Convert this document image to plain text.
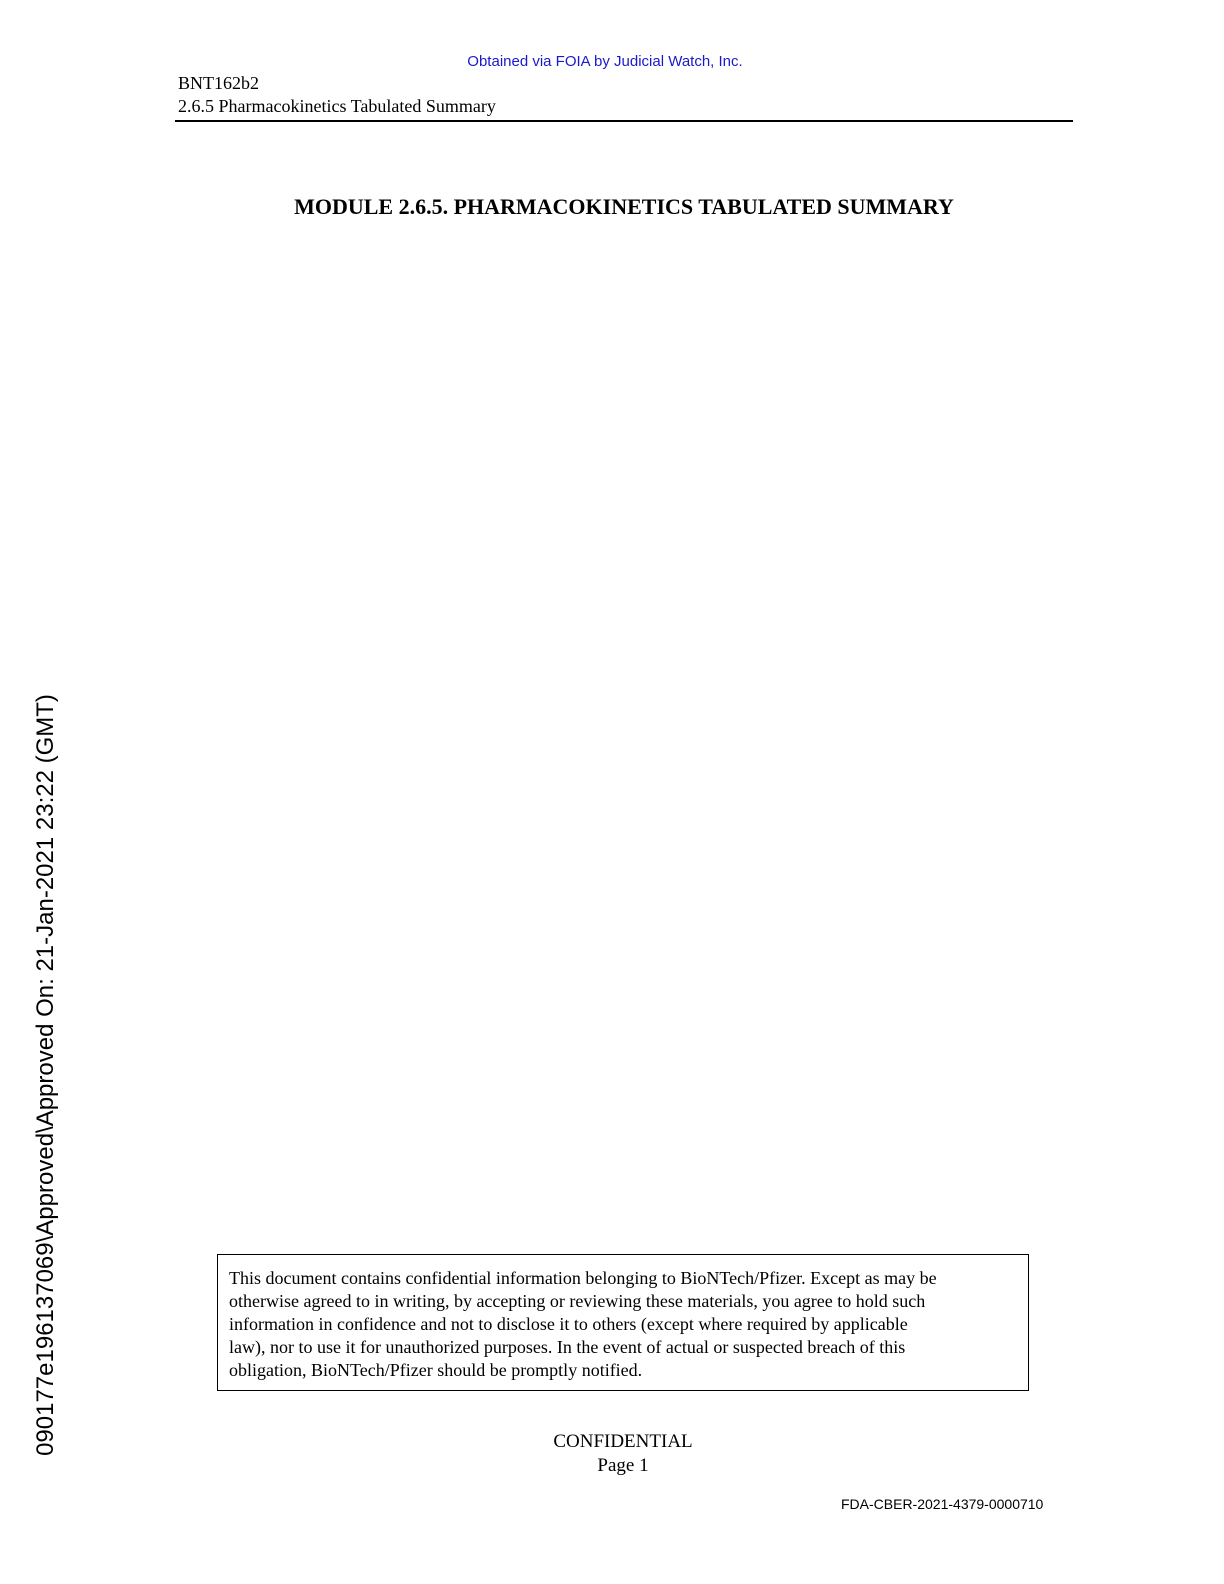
Obtained via FOIA by Judicial Watch, Inc.
BNT162b2
2.6.5 Pharmacokinetics Tabulated Summary
MODULE 2.6.5. PHARMACOKINETICS TABULATED SUMMARY
This document contains confidential information belonging to BioNTech/Pfizer. Except as may be
otherwise agreed to in writing, by accepting or reviewing these materials, you agree to hold such
information in confidence and not to disclose it to others (except where required by applicable
law), nor to use it for unauthorized purposes. In the event of actual or suspected breach of this
obligation, BioNTech/Pfizer should be promptly notified.
CONFIDENTIAL
Page 1
FDA-CBER-2021-4379-0000710
090177e196137069\Approved\Approved On: 21-Jan-2021 23:22 (GMT)
